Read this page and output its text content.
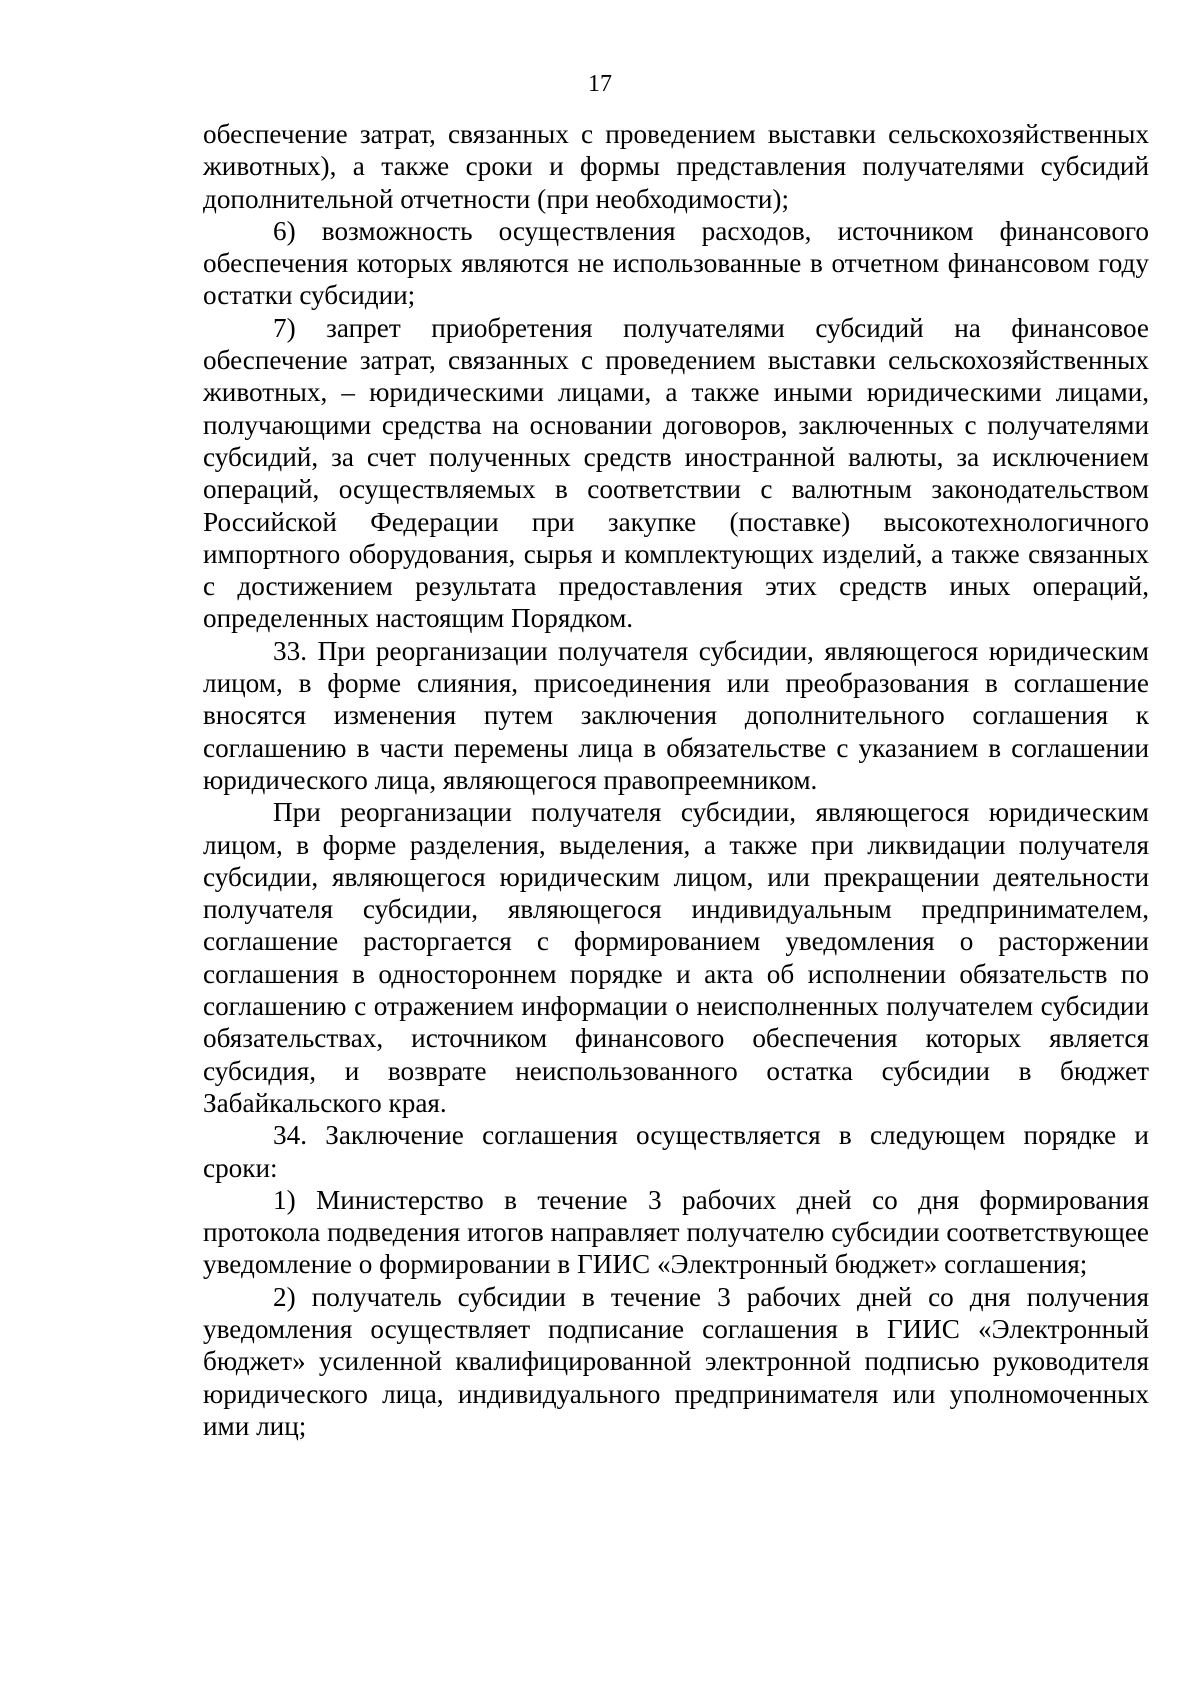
17

обеспечение затрат, связанных с проведением выставки сельскохозяйственных животных), а также сроки и формы представления получателями субсидий дополнительной отчетности (при необходимости);

6) возможность осуществления расходов, источником финансового обеспечения которых являются не использованные в отчетном финансовом году остатки субсидии;

7) запрет приобретения получателями субсидий на финансовое обеспечение затрат, связанных с проведением выставки сельскохозяйственных животных, – юридическими лицами, а также иными юридическими лицами, получающими средства на основании договоров, заключенных с получателями субсидий, за счет полученных средств иностранной валюты, за исключением операций, осуществляемых в соответствии с валютным законодательством Российской Федерации при закупке (поставке) высокотехнологичного импортного оборудования, сырья и комплектующих изделий, а также связанных с достижением результата предоставления этих средств иных операций, определенных настоящим Порядком.

33. При реорганизации получателя субсидии, являющегося юридическим лицом, в форме слияния, присоединения или преобразования в соглашение вносятся изменения путем заключения дополнительного соглашения к соглашению в части перемены лица в обязательстве с указанием в соглашении юридического лица, являющегося правопреемником.

При реорганизации получателя субсидии, являющегося юридическим лицом, в форме разделения, выделения, а также при ликвидации получателя субсидии, являющегося юридическим лицом, или прекращении деятельности получателя субсидии, являющегося индивидуальным предпринимателем, соглашение расторгается с формированием уведомления о расторжении соглашения в одностороннем порядке и акта об исполнении обязательств по соглашению с отражением информации о неисполненных получателем субсидии обязательствах, источником финансового обеспечения которых является субсидия, и возврате неиспользованного остатка субсидии в бюджет Забайкальского края.

34. Заключение соглашения осуществляется в следующем порядке и сроки:

1) Министерство в течение 3 рабочих дней со дня формирования протокола подведения итогов направляет получателю субсидии соответствующее уведомление о формировании в ГИИС «Электронный бюджет» соглашения;

2) получатель субсидии в течение 3 рабочих дней со дня получения уведомления осуществляет подписание соглашения в ГИИС «Электронный бюджет» усиленной квалифицированной электронной подписью руководителя юридического лица, индивидуального предпринимателя или уполномоченных ими лиц;
